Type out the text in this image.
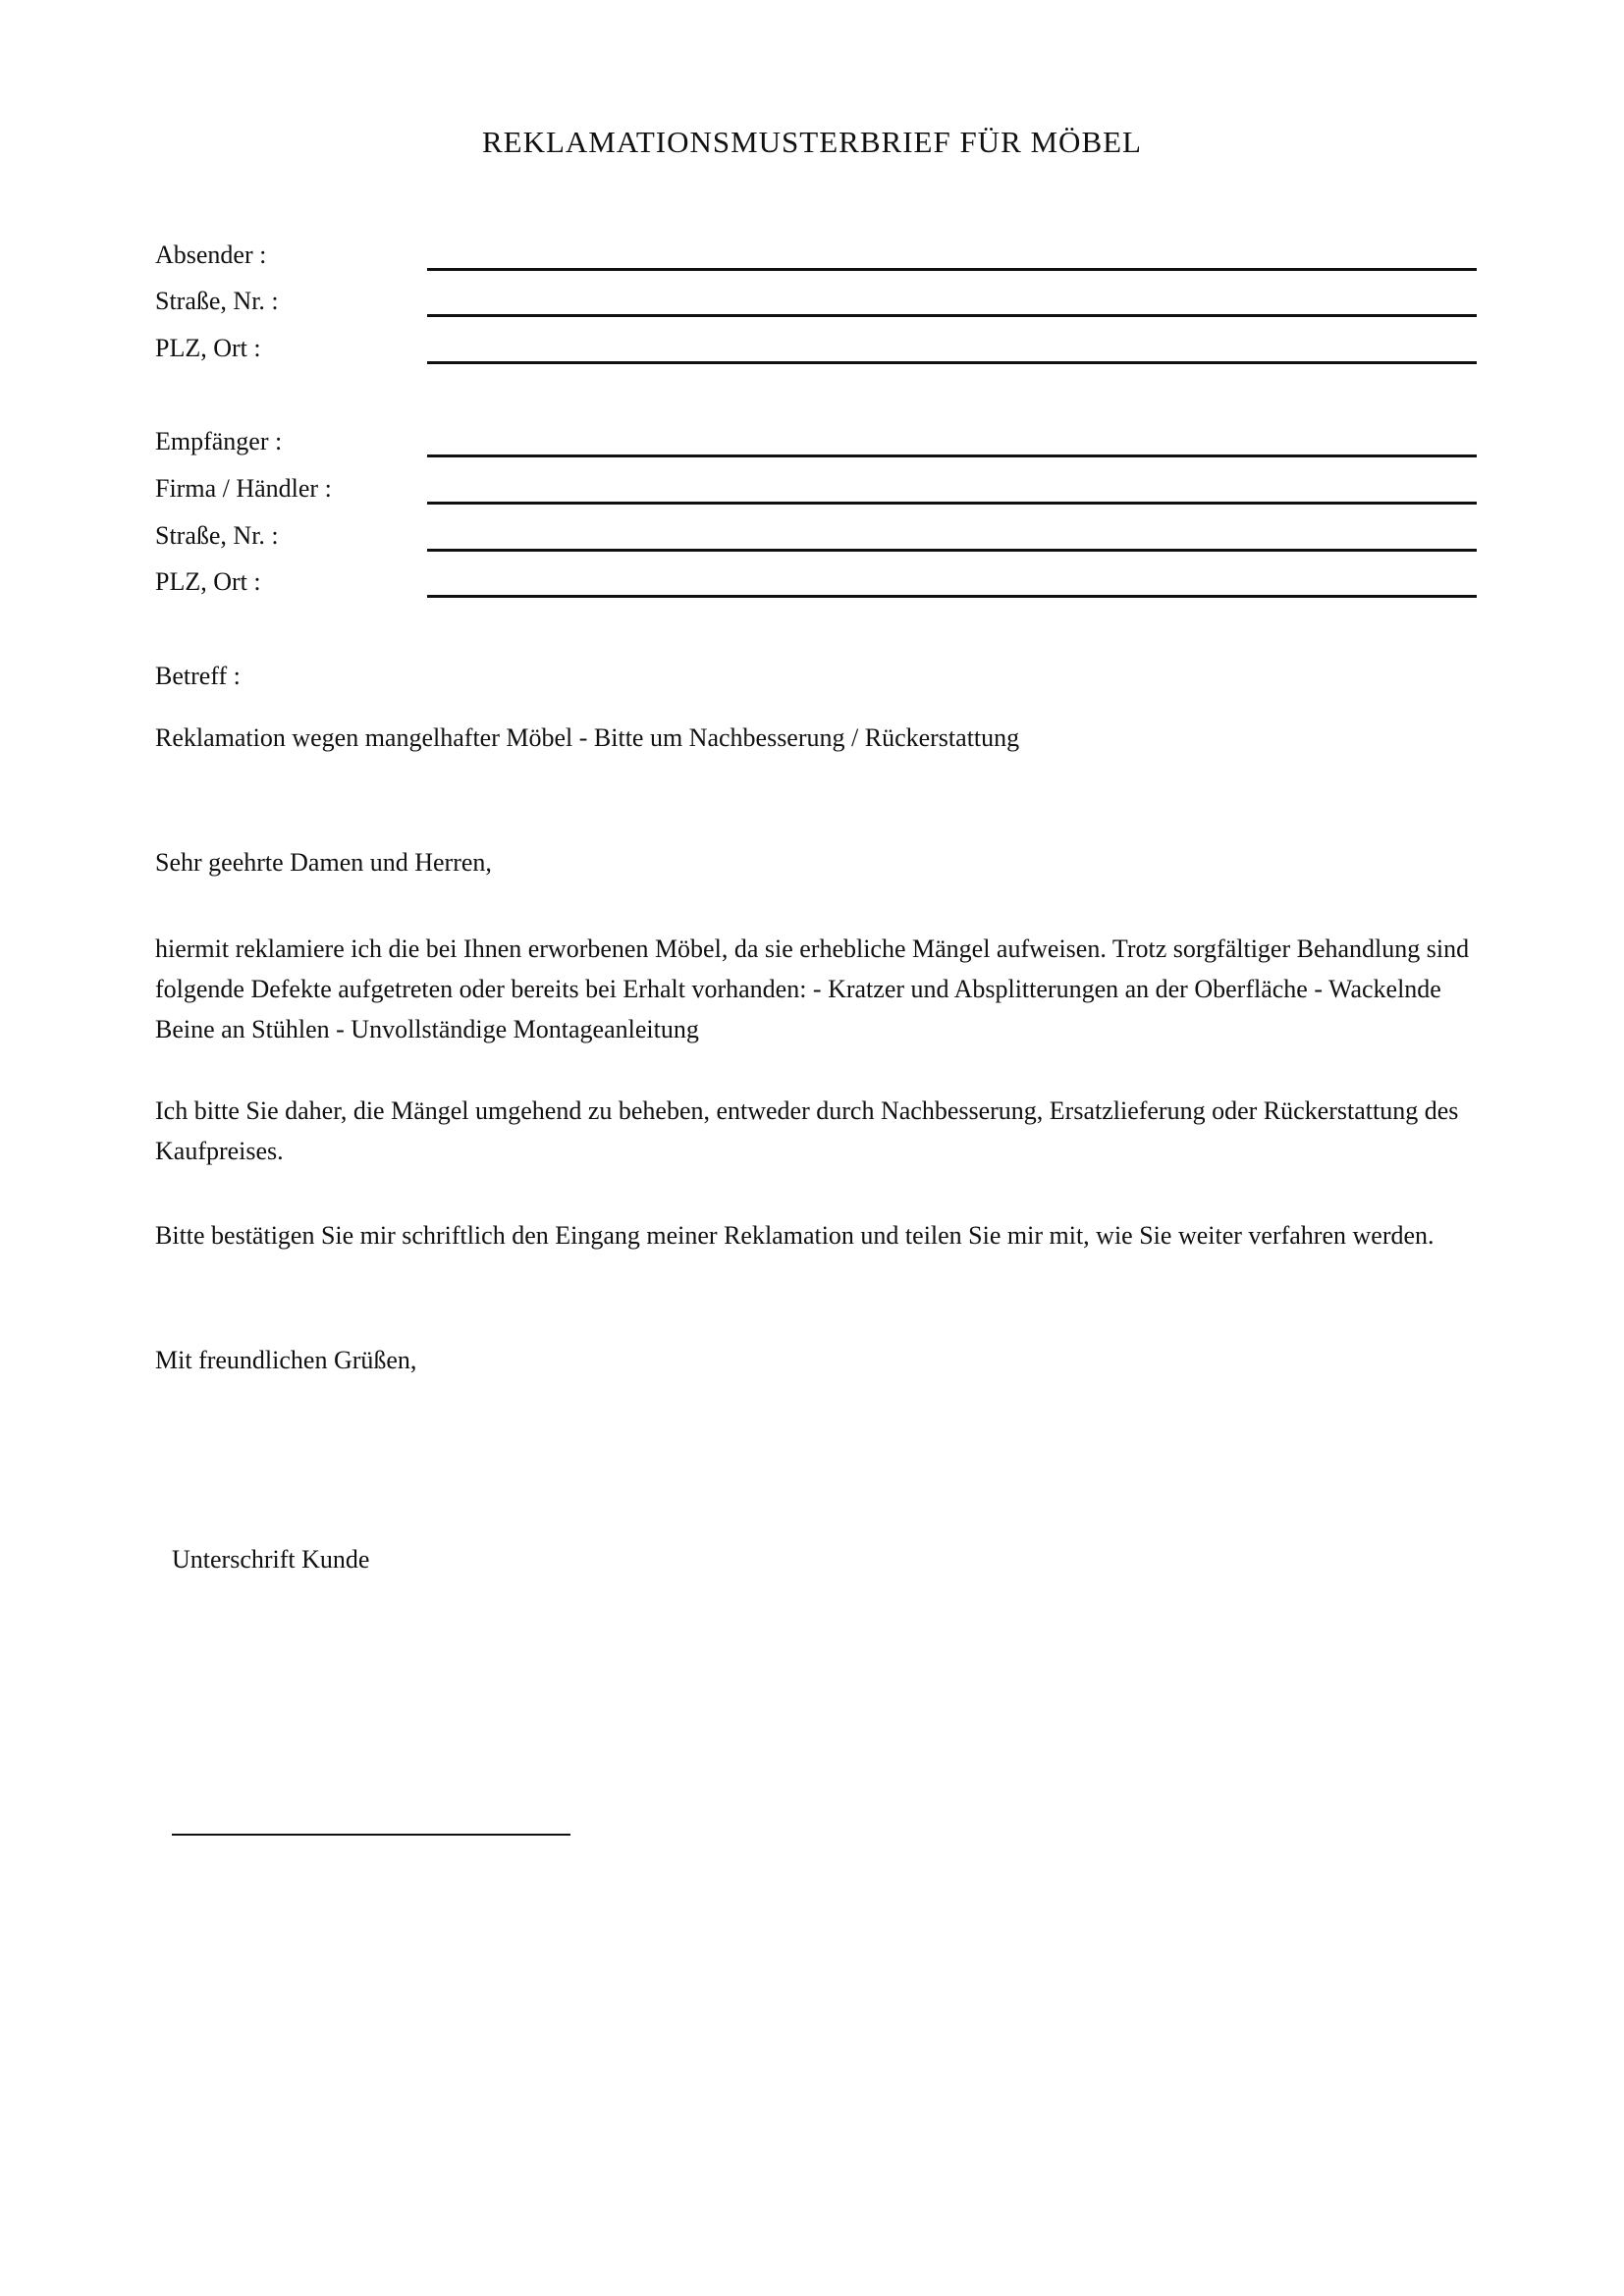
REKLAMATIONSMUSTERBRIEF FÜR MÖBEL
Absender :
Straße, Nr. :
PLZ, Ort :
Empfänger :
Firma / Händler :
Straße, Nr. :
PLZ, Ort :
Betreff :
Reklamation wegen mangelhafter Möbel - Bitte um Nachbesserung / Rückerstattung
Sehr geehrte Damen und Herren,
hiermit reklamiere ich die bei Ihnen erworbenen Möbel, da sie erhebliche Mängel aufweisen. Trotz sorgfältiger Behandlung sind folgende Defekte aufgetreten oder bereits bei Erhalt vorhanden: - Kratzer und Absplitterungen an der Oberfläche - Wackelnde Beine an Stühlen - Unvollständige Montageanleitung
Ich bitte Sie daher, die Mängel umgehend zu beheben, entweder durch Nachbesserung, Ersatzlieferung oder Rückerstattung des Kaufpreises.
Bitte bestätigen Sie mir schriftlich den Eingang meiner Reklamation und teilen Sie mir mit, wie Sie weiter verfahren werden.
Mit freundlichen Grüßen,
Unterschrift Kunde
